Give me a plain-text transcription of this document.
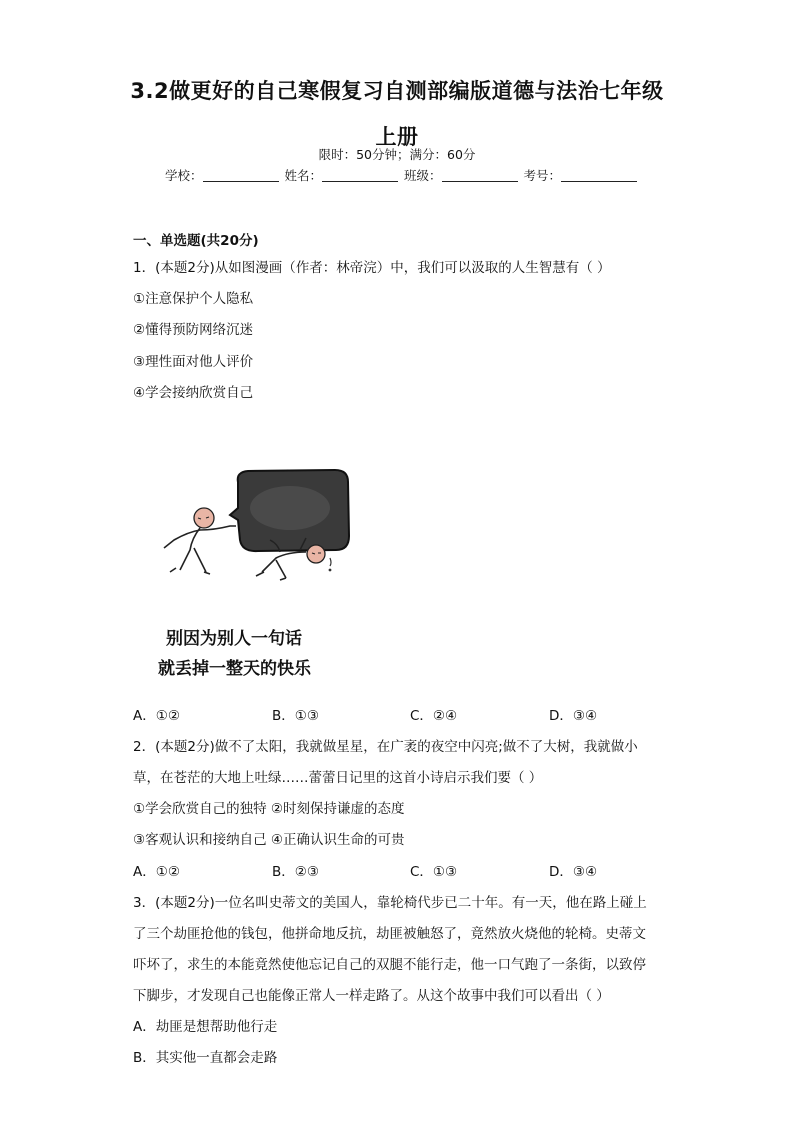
3.2做更好的自己寒假复习自测部编版道德与法治七年级上册
限时：50分钟；满分：60分
学校：	姓名：	班级：	考号：
一、单选题(共20分)
1．(本题2分)从如图漫画（作者：林帝浣）中，我们可以汲取的人生智慧有（ ）
①注意保护个人隐私
②懂得预防网络沉迷
③理性面对他人评价
④学会接纳欣赏自己
别因为别人一句话
就丢掉一整天的快乐
A．①②	B．①③	C．②④	D．③④
2．(本题2分)做不了太阳，我就做星星，在广袤的夜空中闪亮;做不了大树，我就做小
草，在苍茫的大地上吐绿……蕾蕾日记里的这首小诗启示我们要（ ）
①学会欣赏自己的独特 ②时刻保持谦虚的态度
③客观认识和接纳自己 ④正确认识生命的可贵
A．①②	B．②③	C．①③	D．③④
3．(本题2分)一位名叫史蒂文的美国人，靠轮椅代步已二十年。有一天，他在路上碰上
了三个劫匪抢他的钱包，他拼命地反抗，劫匪被触怒了，竟然放火烧他的轮椅。史蒂文
吓坏了，求生的本能竟然使他忘记自己的双腿不能行走，他一口气跑了一条街，以致停
下脚步，才发现自己也能像正常人一样走路了。从这个故事中我们可以看出（ ）
A．劫匪是想帮助他行走
B．其实他一直都会走路
